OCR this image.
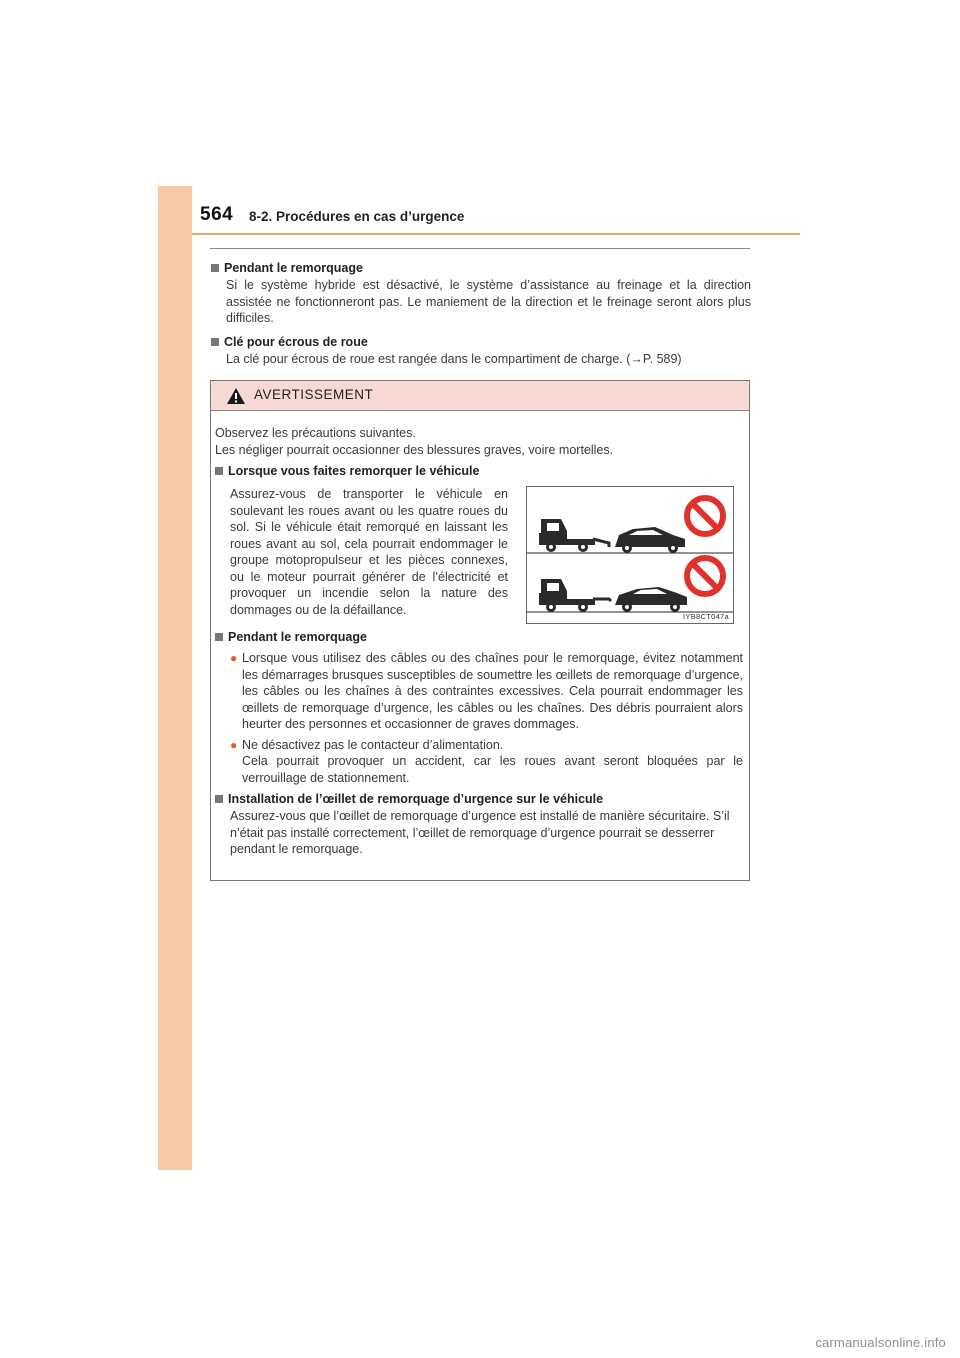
564 8-2. Procédures en cas d’urgence
Pendant le remorquage
Si le système hybride est désactivé, le système d’assistance au freinage et la direction assistée ne fonctionneront pas. Le maniement de la direction et le freinage seront alors plus difficiles.
Clé pour écrous de roue
La clé pour écrous de roue est rangée dans le compartiment de charge. (→P. 589)
AVERTISSEMENT
Observez les précautions suivantes.
Les négliger pourrait occasionner des blessures graves, voire mortelles.
Lorsque vous faites remorquer le véhicule
Assurez-vous de transporter le véhicule en soulevant les roues avant ou les quatre roues du sol. Si le véhicule était remorqué en laissant les roues avant au sol, cela pourrait endommager le groupe motopropulseur et les pièces connexes, ou le moteur pourrait générer de l’électricité et provoquer un incendie selon la nature des dommages ou de la défaillance.	IYB8CT047a
Pendant le remorquage
● Lorsque vous utilisez des câbles ou des chaînes pour le remorquage, évitez notamment les démarrages brusques susceptibles de soumettre les œillets de remorquage d’urgence, les câbles ou les chaînes à des contraintes excessives. Cela pourrait endommager les œillets de remorquage d’urgence, les câbles ou les chaînes. Des débris pourraient alors heurter des personnes et occasionner de graves dommages.
● Ne désactivez pas le contacteur d’alimentation.
Cela pourrait provoquer un accident, car les roues avant seront bloquées par le verrouillage de stationnement.
Installation de l’œillet de remorquage d’urgence sur le véhicule
Assurez-vous que l’œillet de remorquage d’urgence est installé de manière sécuritaire. S’il n’était pas installé correctement, l’œillet de remorquage d’urgence pourrait se desserrer pendant le remorquage.
carmanualsonline.info
